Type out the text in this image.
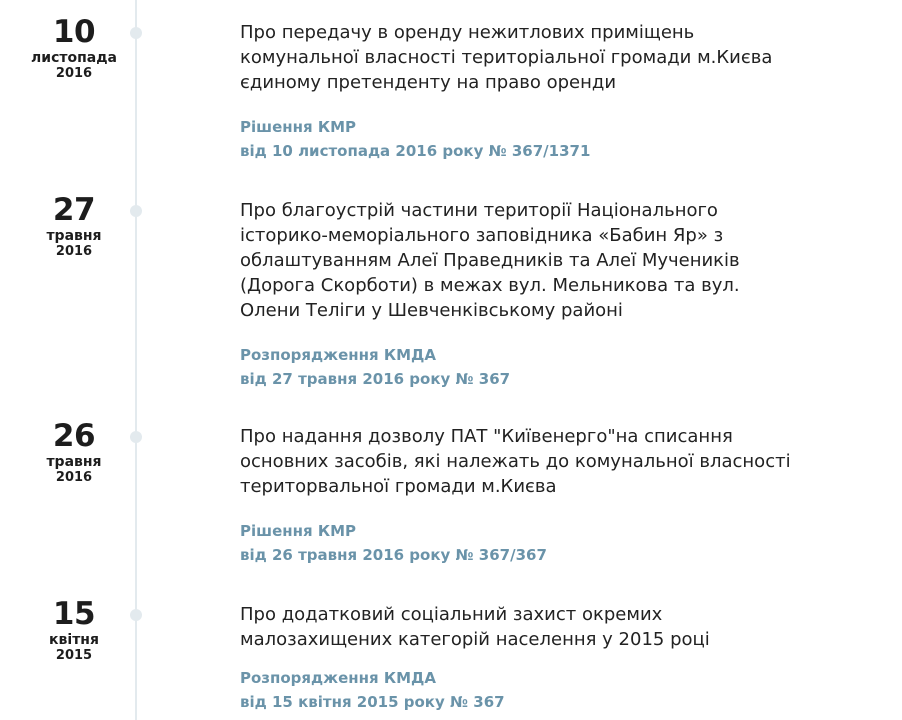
10
листопада
2016

Про передачу в оренду нежитлових приміщень комунальної власності територіальної громади м.Києва єдиному претенденту на право оренди

Рішення КМР
від 10 листопада 2016 року № 367/1371
27
травня
2016

Про благоустрій частини території Національного історико-меморіального заповідника «Бабин Яр» з облаштуванням Алеї Праведників та Алеї Мучеників (Дорога Скорботи) в межах вул. Мельникова та вул. Олени Теліги у Шевченківському районі

Розпорядження КМДА
від 27 травня 2016 року № 367
26
травня
2016

Про надання дозволу ПАТ "Київенерго"на списання основних засобів, які належать до комунальної власності територвальної громади м.Києва

Рішення КМР
від 26 травня 2016 року № 367/367
15
квітня
2015

Про додатковий соціальний захист окремих малозахищених категорій населення у 2015 році

Розпорядження КМДА
від 15 квітня 2015 року № 367
